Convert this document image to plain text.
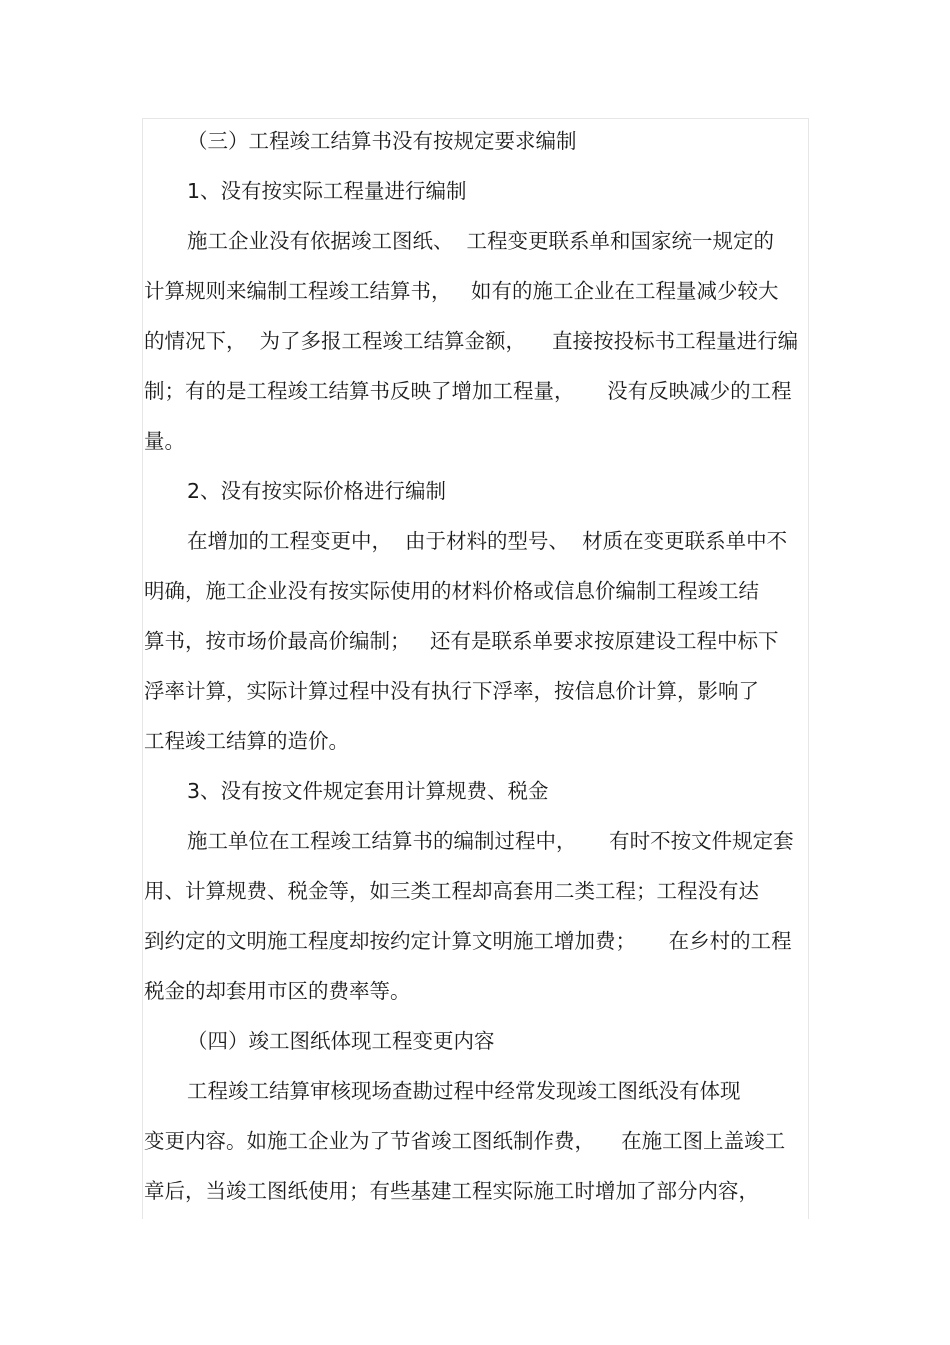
（三）工程竣工结算书没有按规定要求编制
1、没有按实际工程量进行编制
施工企业没有依据竣工图纸、  工程变更联系单和国家统一规定的
计算规则来编制工程竣工结算书，   如有的施工企业在工程量减少较大
的情况下，  为了多报工程竣工结算金额，    直接按投标书工程量进行编
制；有的是工程竣工结算书反映了增加工程量，     没有反映减少的工程
量。
2、没有按实际价格进行编制
在增加的工程变更中，  由于材料的型号、  材质在变更联系单中不
明确，施工企业没有按实际使用的材料价格或信息价编制工程竣工结
算书，按市场价最高价编制；   还有是联系单要求按原建设工程中标下
浮率计算，实际计算过程中没有执行下浮率，按信息价计算，影响了
工程竣工结算的造价。
3、没有按文件规定套用计算规费、税金
施工单位在工程竣工结算书的编制过程中，     有时不按文件规定套
用、计算规费、税金等，如三类工程却高套用二类工程；工程没有达
到约定的文明施工程度却按约定计算文明施工增加费；     在乡村的工程
税金的却套用市区的费率等。
（四）竣工图纸体现工程变更内容
工程竣工结算审核现场查勘过程中经常发现竣工图纸没有体现
变更内容。如施工企业为了节省竣工图纸制作费，    在施工图上盖竣工
章后，当竣工图纸使用；有些基建工程实际施工时增加了部分内容，
